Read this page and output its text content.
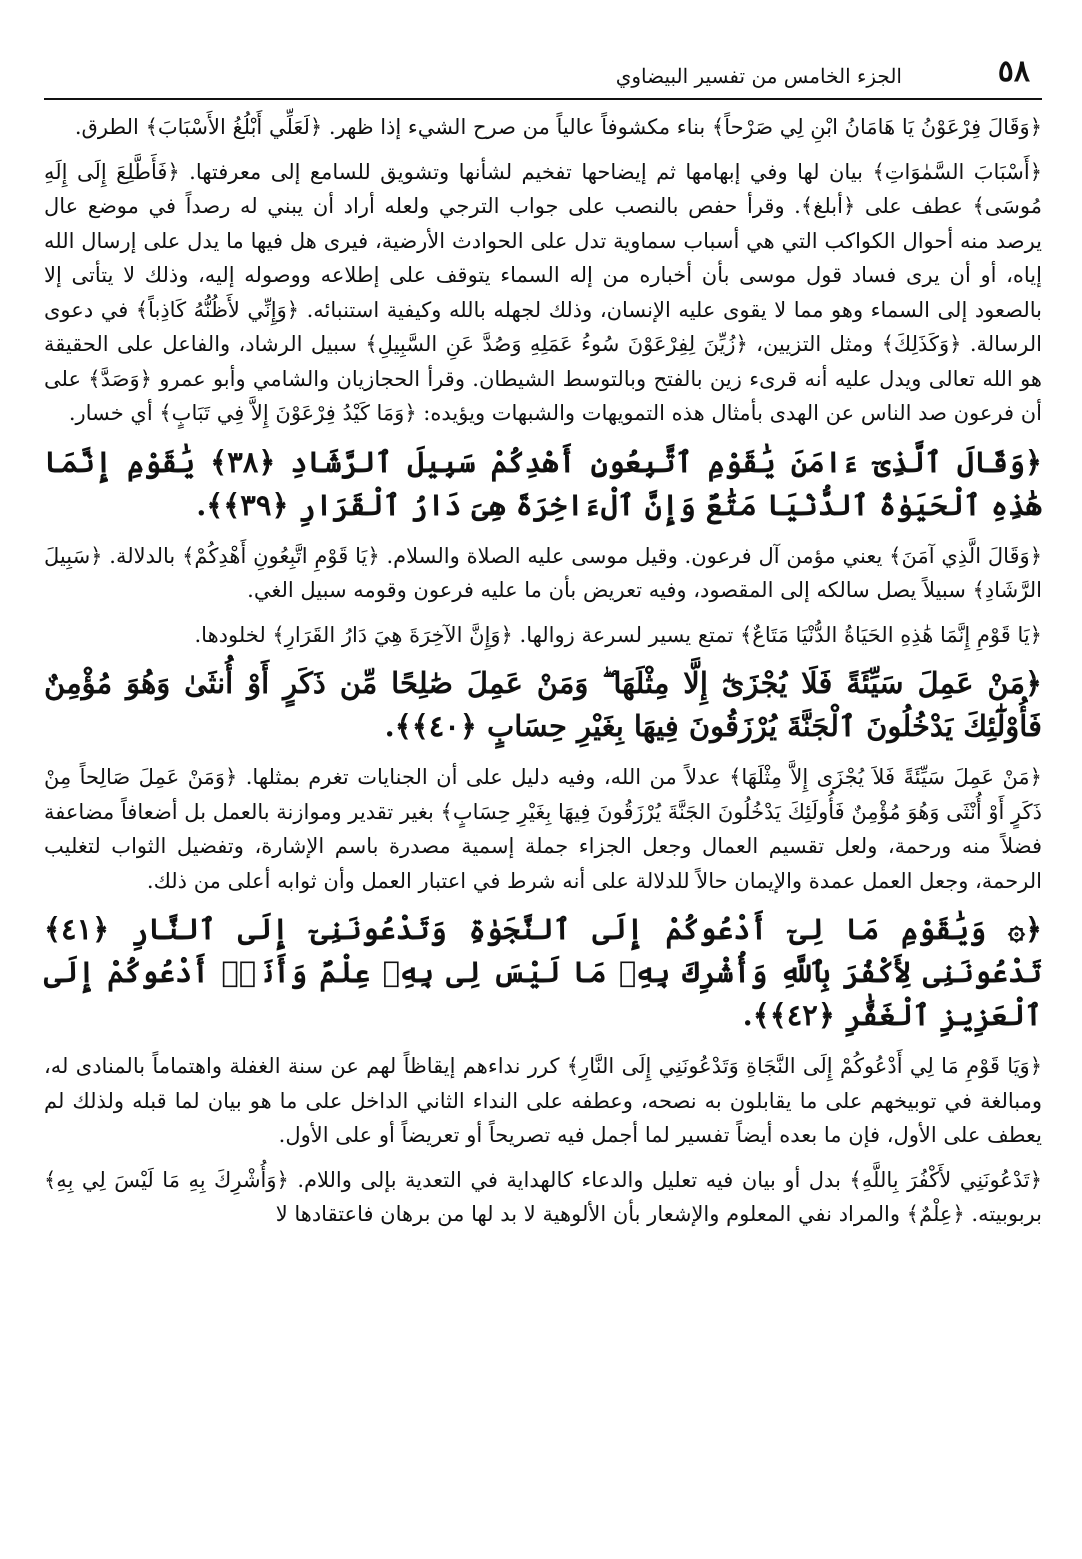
٥٨
الجزء الخامس من تفسير البيضاوي

﴿وَقَالَ فِرْعَوْنُ يَا هَامَانُ ابْنِ لِي صَرْحاً﴾ بناء مكشوفاً عالياً من صرح الشيء إذا ظهر. ﴿لَعَلِّي أَبْلُغُ الأَسْبَابَ﴾ الطرق.

﴿أَسْبَابَ السَّمٰوَاتِ﴾ بيان لها وفي إبهامها ثم إيضاحها تفخيم لشأنها وتشويق للسامع إلى معرفتها. ﴿فَأَطَّلِعَ إِلَى إِلَهِ مُوسَى﴾ عطف على ﴿أبلغ﴾. وقرأ حفص بالنصب على جواب الترجي ولعله أراد أن يبني له رصداً في موضع عال يرصد منه أحوال الكواكب التي هي أسباب سماوية تدل على الحوادث الأرضية، فيرى هل فيها ما يدل على إرسال الله إياه، أو أن يرى فساد قول موسى بأن أخباره من إله السماء يتوقف على إطلاعه ووصوله إليه، وذلك لا يتأتى إلا بالصعود إلى السماء وهو مما لا يقوى عليه الإنسان، وذلك لجهله بالله وكيفية استنبائه. ﴿وَإِنِّي لأَظُنُّهُ كَاذِباً﴾ في دعوى الرسالة. ﴿وَكَذَلِكَ﴾ ومثل التزيين، ﴿زُيِّنَ لِفِرْعَوْنَ سُوءُ عَمَلِهِ وَصُدَّ عَنِ السَّبِيلِ﴾ سبيل الرشاد، والفاعل على الحقيقة هو الله تعالى ويدل عليه أنه قرىء زين بالفتح وبالتوسط الشيطان. وقرأ الحجازيان والشامي وأبو عمرو ﴿وَصَدَّ﴾ على أن فرعون صد الناس عن الهدى بأمثال هذه التمويهات والشبهات ويؤيده: ﴿وَمَا كَيْدُ فِرْعَوْنَ إِلاَّ فِي تَبَابٍ﴾ أي خسار.

﴿وَقَالَ ٱلَّذِىٓ ءَامَنَ يَٰقَوْمِ ٱتَّبِعُونِ أَهْدِكُمْ سَبِيلَ ٱلرَّشَادِ ﴿٣٨﴾ يَٰقَوْمِ إِنَّمَا هَٰذِهِ ٱلْحَيَوٰةُ ٱلدُّنْيَا مَتَٰعٌ وَإِنَّ ٱلْءَاخِرَةَ هِىَ دَارُ ٱلْقَرَارِ ﴿٣٩﴾﴾.

﴿وَقَالَ الَّذِي آمَنَ﴾ يعني مؤمن آل فرعون. وقيل موسى عليه الصلاة والسلام. ﴿يَا قَوْمِ اتَّبِعُونِ أَهْدِكُمْ﴾ بالدلالة. ﴿سَبِيلَ الرَّشَادِ﴾ سبيلاً يصل سالكه إلى المقصود، وفيه تعريض بأن ما عليه فرعون وقومه سبيل الغي.

﴿يَا قَوْمِ إِنَّمَا هَٰذِهِ الحَيَاةُ الدُّنْيَا مَتَاعٌ﴾ تمتع يسير لسرعة زوالها. ﴿وَإِنَّ الآخِرَةَ هِيَ دَارُ القَرَارِ﴾ لخلودها.

﴿مَنْ عَمِلَ سَيِّئَةً فَلَا يُجْزَىٰٓ إِلَّا مِثْلَهَا ۖ وَمَنْ عَمِلَ صَٰلِحًا مِّن ذَكَرٍ أَوْ أُنثَىٰ وَهُوَ مُؤْمِنٌ فَأُوْلَٰٓئِكَ يَدْخُلُونَ ٱلْجَنَّةَ يُرْزَقُونَ فِيهَا بِغَيْرِ حِسَابٍ ﴿٤٠﴾﴾.

﴿مَنْ عَمِلَ سَيِّئَةً فَلاَ يُجْزَى إِلاَّ مِثْلَهَا﴾ عدلاً من الله، وفيه دليل على أن الجنايات تغرم بمثلها. ﴿وَمَنْ عَمِلَ صَالِحاً مِنْ ذَكَرٍ أَوْ أُنْثَى وَهُوَ مُؤْمِنٌ فَأُولَئِكَ يَدْخُلُونَ الجَنَّةَ يُرْزَقُونَ فِيهَا بِغَيْرِ حِسَابٍ﴾ بغير تقدير وموازنة بالعمل بل أضعافاً مضاعفة فضلاً منه ورحمة، ولعل تقسيم العمال وجعل الجزاء جملة إسمية مصدرة باسم الإشارة، وتفضيل الثواب لتغليب الرحمة، وجعل العمل عمدة والإيمان حالاً للدلالة على أنه شرط في اعتبار العمل وأن ثوابه أعلى من ذلك.

﴿۞ وَيَٰقَوْمِ مَا لِىٓ أَدْعُوكُمْ إِلَى ٱلنَّجَوٰةِ وَتَدْعُونَنِىٓ إِلَى ٱلنَّارِ ﴿٤١﴾ تَدْعُونَنِى لِأَكْفُرَ بِٱللَّهِ وَأُشْرِكَ بِهِۦ مَا لَيْسَ لِى بِهِۦ عِلْمٌ وَأَنَا۠ أَدْعُوكُمْ إِلَى ٱلْعَزِيزِ ٱلْغَفَّٰرِ ﴿٤٢﴾﴾.

﴿وَيَا قَوْمِ مَا لِي أَدْعُوكُمْ إِلَى النَّجَاةِ وَتَدْعُونَنِي إِلَى النَّارِ﴾ كرر نداءهم إيقاظاً لهم عن سنة الغفلة واهتماماً بالمنادى له، ومبالغة في توبيخهم على ما يقابلون به نصحه، وعطفه على النداء الثاني الداخل على ما هو بيان لما قبله ولذلك لم يعطف على الأول، فإن ما بعده أيضاً تفسير لما أجمل فيه تصريحاً أو تعريضاً أو على الأول.

﴿تَدْعُونَنِي لأَكْفُرَ بِاللَّهِ﴾ بدل أو بيان فيه تعليل والدعاء كالهداية في التعدية بإلى واللام. ﴿وَأُشْرِكَ بِهِ مَا لَيْسَ لِي بِهِ﴾ بربوبيته. ﴿عِلْمٌ﴾ والمراد نفي المعلوم والإشعار بأن الألوهية لا بد لها من برهان فاعتقادها لا
